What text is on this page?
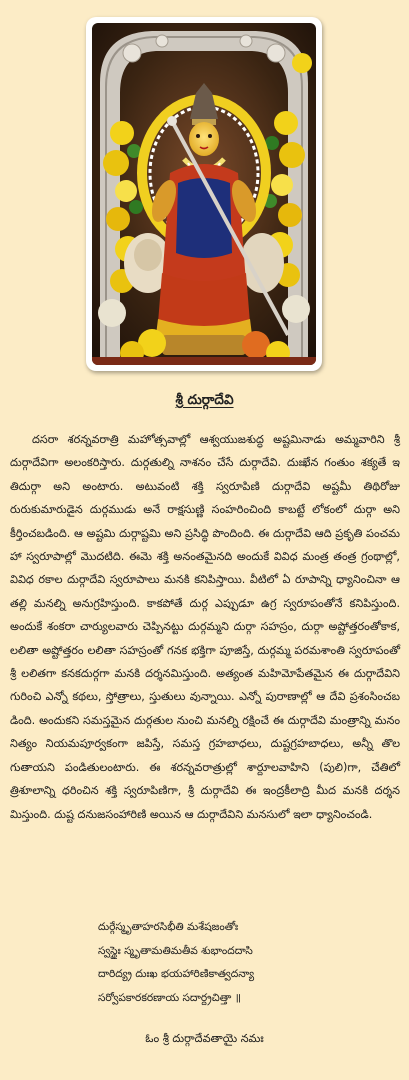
శ్రీ దుర్గాదేవి

దసరా శరన్నవరాత్రి మహోత్సవాల్లో ఆశ్వయుజశుద్ధ అష్టమినాడు అమ్మవారిని శ్రీ దుర్గాదేవిగా అలంకరిస్తారు. దుర్గతుల్ని నాశనం చేసే దుర్గాదేవి. దుఃఖేన గంతుం శక్యతే ఇతిదుర్గా అని అంటారు. అటువంటి శక్తి స్వరూపిణి దుర్గాదేవి అష్టమీ తిథిరోజు రురుకుమారుడైన దుర్గముడు అనే రాక్షసుణ్ణి సంహరించింది కాబట్టే లోకంలో దుర్గా అని కీర్తించబడింది. ఆ అష్టమి దుర్గాష్టమి అని ప్రసిద్ధి పొందింది. ఈ దుర్గాదేవి ఆది ప్రకృతి పంచమహా స్వరూపాల్లో మొదటిది. ఈమె శక్తి అనంతమైనది అందుకే వివిధ మంత్ర తంత్ర గ్రంథాల్లో, వివిధ రకాల దుర్గాదేవి స్వరూపాలు మనకి కనిపిస్తాయి. వీటిలో ఏ రూపాన్ని ధ్యానించినా ఆ తల్లి మనల్ని అనుగ్రహిస్తుంది. కాకపోతే దుర్గ ఎప్పుడూ ఉగ్ర స్వరూపంతోనే కనిపిస్తుంది. అందుకే శంకరా చార్యులవారు చెప్పినట్టు దుర్గమ్మని దుర్గా సహస్రం, దుర్గా అష్టోత్తరంతోకాక, లలితా అష్టోత్తరం లలితా సహస్రంతో గనక భక్తిగా పూజిస్తే, దుర్గమ్మ పరమశాంతి స్వరూపంతో శ్రీ లలితగా కనకదుర్గగా మనకి దర్శనమిస్తుంది. అత్యంత మహిమోపేతమైన ఈ దుర్గాదేవిని గురించి ఎన్నో కథలు, స్తోత్రాలు, స్తుతులు వున్నాయి. ఎన్నో పురాణాల్లో ఆ దేవి ప్రశంసించబడింది. అందుకని సమస్తమైన దుర్గతుల నుంచి మనల్ని రక్షించే ఈ దుర్గాదేవి మంత్రాన్ని మనం నిత్యం నియమపూర్వకంగా జపిస్తే, సమస్త గ్రహబాధలు, దుష్టగ్రహబాధలు, అన్నీ తొలగుతాయని పండితులంటారు. ఈ శరన్నవరాత్రుల్లో శార్దూలవాహిని (పులి)గా, చేతిలో త్రిశూలాన్ని ధరించిన శక్తి స్వరూపిణిగా, శ్రీ దుర్గాదేవి ఈ ఇంద్రకీలాద్రి మీద మనకి దర్శనమిస్తుంది. దుష్ట దనుజసంహారిణి అయిన ఆ దుర్గాదేవిని మనసులో ఇలా ధ్యానించండి.

దుర్గేస్మృతాహరసిభీతి మశేషజంతోః
స్వస్థైః స్మృతామతిమతీవ శుభాందదాసి
దారిద్య్ర దుఃఖ భయహారిణికాత్వదన్యా
సర్వోపకారకరణాయ సదార్ద్రచిత్తా ॥
ఓం శ్రీ దుర్గాదేవతాయై నమః
